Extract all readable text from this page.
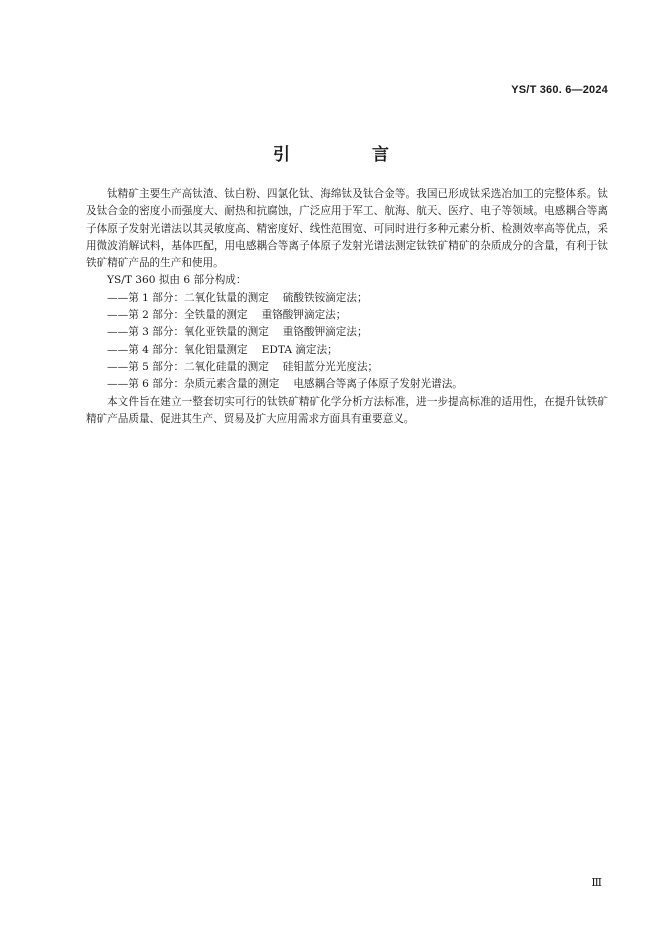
YS/T 360. 6—2024
引 言

钛精矿主要生产高钛渣、钛白粉、四氯化钛、海绵钛及钛合金等。我国已形成钛采选冶加工的完整体系。钛及钛合金的密度小而强度大、耐热和抗腐蚀，广泛应用于军工、航海、航天、医疗、电子等领域。电感耦合等离子体原子发射光谱法以其灵敏度高、精密度好、线性范围宽、可同时进行多种元素分析、检测效率高等优点，采用微波消解试料，基体匹配，用电感耦合等离子体原子发射光谱法测定钛铁矿精矿的杂质成分的含量，有利于钛铁矿精矿产品的生产和使用。

YS/T 360 拟由 6 部分构成：

——第 1 部分：二氧化钛量的测定 硫酸铁铵滴定法；

——第 2 部分：全铁量的测定 重铬酸钾滴定法；

——第 3 部分：氧化亚铁量的测定 重铬酸钾滴定法；

——第 4 部分：氧化铝量测定 EDTA 滴定法；

——第 5 部分：二氧化硅量的测定 硅钼蓝分光光度法；

——第 6 部分：杂质元素含量的测定 电感耦合等离子体原子发射光谱法。

本文件旨在建立一整套切实可行的钛铁矿精矿化学分析方法标准，进一步提高标准的适用性，在提升钛铁矿精矿产品质量、促进其生产、贸易及扩大应用需求方面具有重要意义。

Ⅲ
